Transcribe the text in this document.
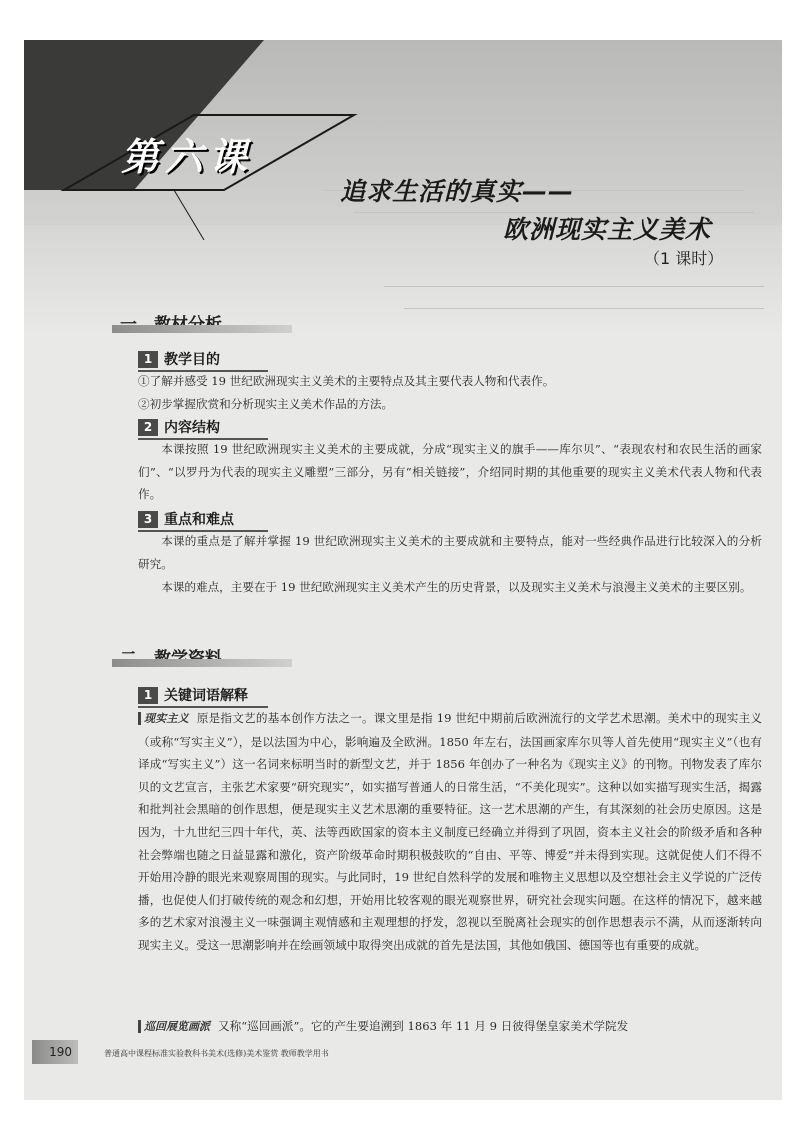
第六课
追求生活的真实——
欧洲现实主义美术
（1 课时）
1 教学目的

①了解并感受 19 世纪欧洲现实主义美术的主要特点及其主要代表人物和代表作。

②初步掌握欣赏和分析现实主义美术作品的方法。

2 内容结构

本课按照 19 世纪欧洲现实主义美术的主要成就，分成“现实主义的旗手——库尔贝”、“表现农村和农民生活的画家们”、“以罗丹为代表的现实主义雕塑”三部分，另有“相关链接”，介绍同时期的其他重要的现实主义美术代表人物和代表作。

3 重点和难点

本课的重点是了解并掌握 19 世纪欧洲现实主义美术的主要成就和主要特点，能对一些经典作品进行比较深入的分析研究。

本课的难点，主要在于 19 世纪欧洲现实主义美术产生的历史背景，以及现实主义美术与浪漫主义美术的主要区别。

1 关键词语解释

现实主义 原是指文艺的基本创作方法之一。课文里是指 19 世纪中期前后欧洲流行的文学艺术思潮。美术中的现实主义（或称“写实主义”），是以法国为中心，影响遍及全欧洲。1850 年左右，法国画家库尔贝等人首先使用“现实主义”（也有译成“写实主义”）这一名词来标明当时的新型文艺，并于 1856 年创办了一种名为《现实主义》的刊物。刊物发表了库尔贝的文艺宣言，主张艺术家要“研究现实”，如实描写普通人的日常生活，“不美化现实”。这种以如实描写现实生活，揭露和批判社会黑暗的创作思想，便是现实主义艺术思潮的重要特征。这一艺术思潮的产生，有其深刻的社会历史原因。这是因为，十九世纪三四十年代，英、法等西欧国家的资本主义制度已经确立并得到了巩固，资本主义社会的阶级矛盾和各种社会弊端也随之日益显露和激化，资产阶级革命时期积极鼓吹的“自由、平等、博爱”并未得到实现。这就促使人们不得不开始用冷静的眼光来观察周围的现实。与此同时，19 世纪自然科学的发展和唯物主义思想以及空想社会主义学说的广泛传播，也促使人们打破传统的观念和幻想，开始用比较客观的眼光观察世界，研究社会现实问题。在这样的情况下，越来越多的艺术家对浪漫主义一味强调主观情感和主观理想的抒发，忽视以至脱离社会现实的创作思想表示不满，从而逐渐转向现实主义。受这一思潮影响并在绘画领域中取得突出成就的首先是法国，其他如俄国、德国等也有重要的成就。

巡回展览画派 又称“巡回画派”。它的产生要追溯到 1863 年 11 月 9 日彼得堡皇家美术学院发

190	普通高中课程标准实验教科书美术(选修)美术鉴赏 教师教学用书
